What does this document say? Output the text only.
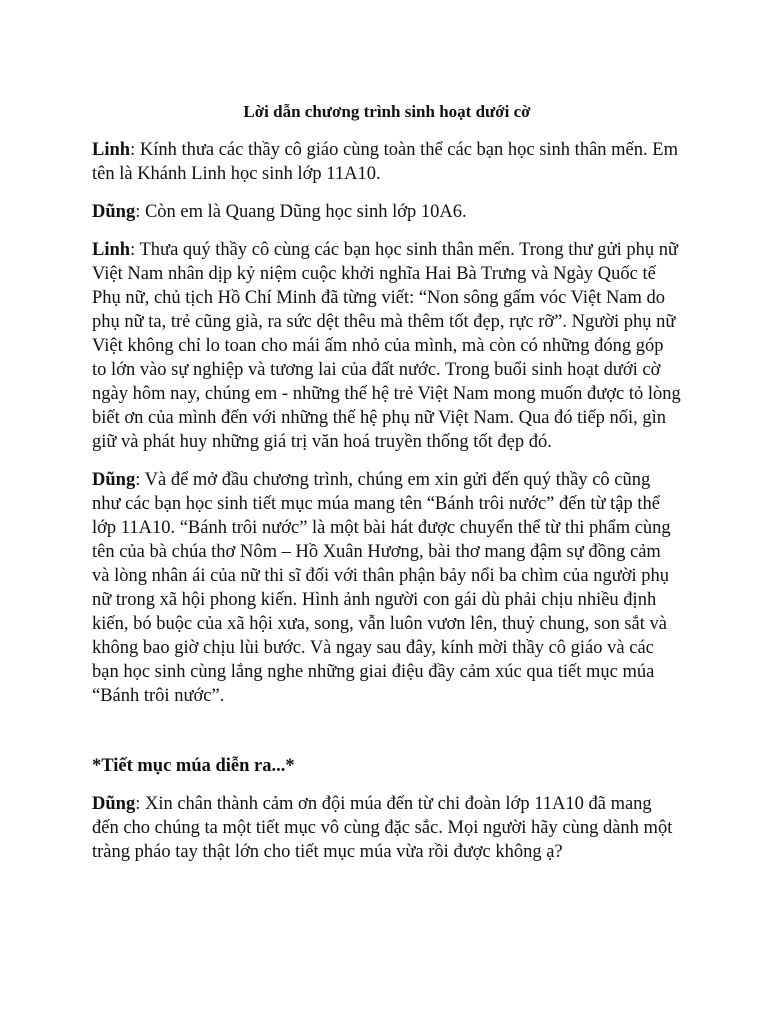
Lời dẫn chương trình sinh hoạt dưới cờ

Linh: Kính thưa các thầy cô giáo cùng toàn thể các bạn học sinh thân mến. Em tên là Khánh Linh học sinh lớp 11A10.

Dũng: Còn em là Quang Dũng học sinh lớp 10A6.

Linh: Thưa quý thầy cô cùng các bạn học sinh thân mến. Trong thư gửi phụ nữ Việt Nam nhân dịp kỷ niệm cuộc khởi nghĩa Hai Bà Trưng và Ngày Quốc tế Phụ nữ, chủ tịch Hồ Chí Minh đã từng viết: “Non sông gấm vóc Việt Nam do phụ nữ ta, trẻ cũng già, ra sức dệt thêu mà thêm tốt đẹp, rực rỡ”. Người phụ nữ Việt không chỉ lo toan cho mái ấm nhỏ của mình, mà còn có những đóng góp to lớn vào sự nghiệp và tương lai của đất nước. Trong buổi sinh hoạt dưới cờ ngày hôm nay, chúng em - những thế hệ trẻ Việt Nam mong muốn được tỏ lòng biết ơn của mình đến với những thế hệ phụ nữ Việt Nam. Qua đó tiếp nối, gìn giữ và phát huy những giá trị văn hoá truyền thống tốt đẹp đó.

Dũng: Và để mở đầu chương trình, chúng em xin gửi đến quý thầy cô cũng như các bạn học sinh tiết mục múa mang tên “Bánh trôi nước” đến từ tập thể lớp 11A10. “Bánh trôi nước” là một bài hát được chuyển thể từ thi phẩm cùng tên của bà chúa thơ Nôm – Hồ Xuân Hương, bài thơ mang đậm sự đồng cảm và lòng nhân ái của nữ thi sĩ đối với thân phận bảy nổi ba chìm của người phụ nữ trong xã hội phong kiến. Hình ảnh người con gái dù phải chịu nhiều định kiến, bó buộc của xã hội xưa, song, vẫn luôn vươn lên, thuỷ chung, son sắt và không bao giờ chịu lùi bước. Và ngay sau đây, kính mời thầy cô giáo và các bạn học sinh cùng lắng nghe những giai điệu đầy cảm xúc qua tiết mục múa “Bánh trôi nước”.

*Tiết mục múa diễn ra...*

Dũng: Xin chân thành cảm ơn đội múa đến từ chi đoàn lớp 11A10 đã mang đến cho chúng ta một tiết mục vô cùng đặc sắc. Mọi người hãy cùng dành một tràng pháo tay thật lớn cho tiết mục múa vừa rồi được không ạ?
